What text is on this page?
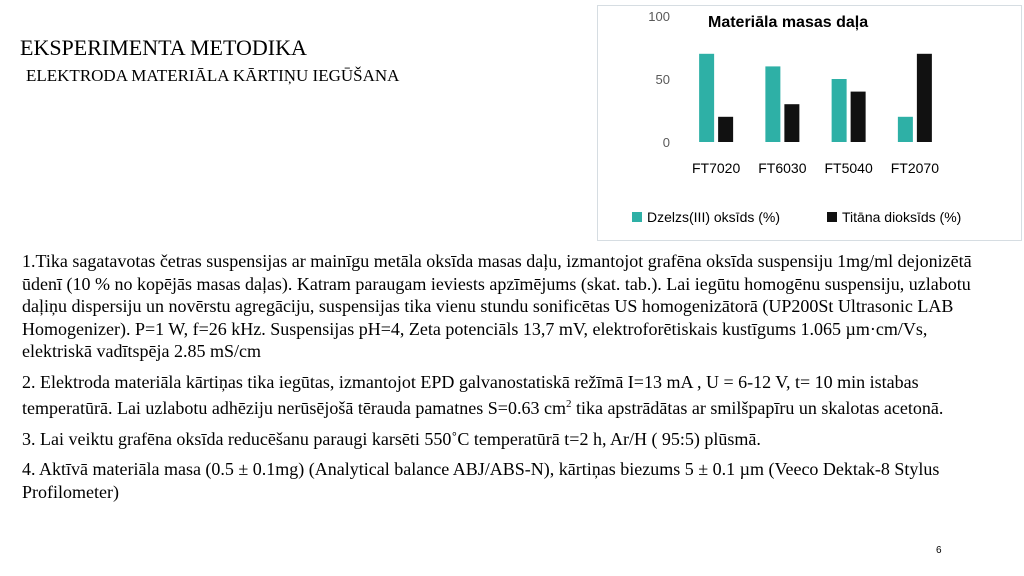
EKSPERIMENTA METODIKA
ELEKTRODA MATERIĀLA KĀRTIŅU IEGŪŠANA
Materiāla masas daļa
0
50
100
FT7020 FT6030 FT5040 FT2070
Dzelzs(III) oksīds (%)	Titāna dioksīds (%)

1.Tika sagatavotas četras suspensijas ar mainīgu metāla oksīda masas daļu, izmantojot grafēna oksīda suspensiju 1mg/ml dejonizētā ūdenī (10 % no kopējās masas daļas). Katram paraugam ieviests apzīmējums (skat. tab.). Lai iegūtu homogēnu suspensiju, uzlabotu daļiņu dispersiju un novērstu agregāciju, suspensijas tika vienu stundu sonificētas US homogenizātorā (UP200St Ultrasonic LAB Homogenizer). P=1 W, f=26 kHz. Suspensijas pH=4, Zeta potenciāls 13,7 mV, elektroforētiskais kustīgums 1.065 µm·cm/Vs, elektriskā vadītspēja 2.85 mS/cm

2. Elektroda materiāla kārtiņas tika iegūtas, izmantojot EPD galvanostatiskā režīmā I=13 mA , U = 6-12 V, t= 10 min istabas temperatūrā. Lai uzlabotu adhēziju nerūsējošā tērauda pamatnes S=0.63 $cm^2$ tika apstrādātas ar smilšpapīru un skalotas acetonā.

3. Lai veiktu grafēna oksīda reducēšanu paraugi karsēti 550˚C temperatūrā t=2 h, Ar/H ( 95:5) plūsmā.

4. Aktīvā materiāla masa (0.5 ± 0.1mg) (Analytical balance ABJ/ABS-N), kārtiņas biezums 5 ± 0.1 µm (Veeco Dektak-8 Stylus Profilometer)

6
